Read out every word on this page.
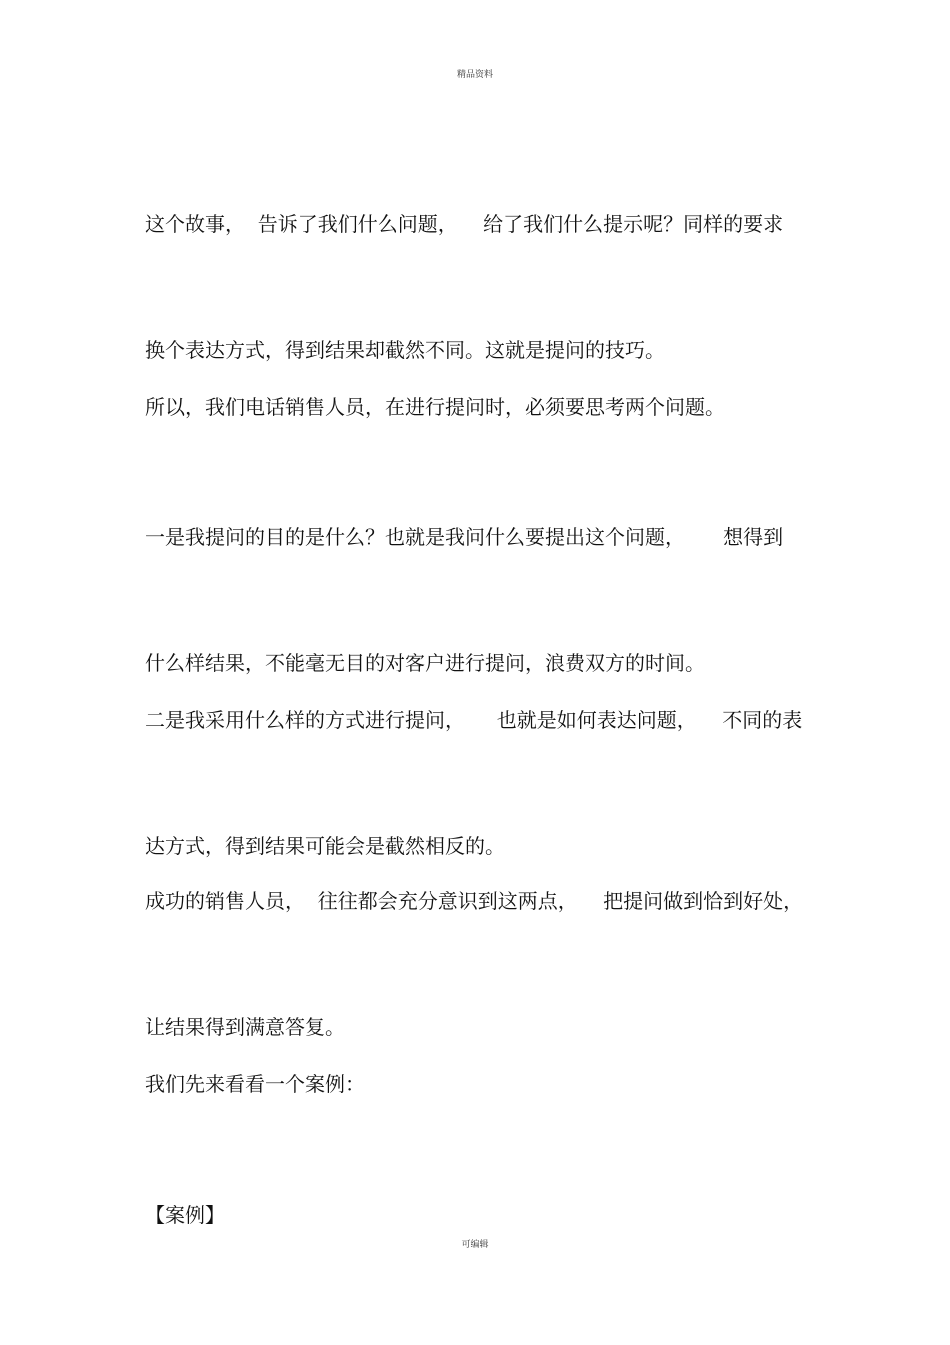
精品资料

这个故事，  告诉了我们什么问题，    给了我们什么提示呢？同样的要求

换个表达方式，得到结果却截然不同。这就是提问的技巧。

所以，我们电话销售人员，在进行提问时，必须要思考两个问题。

一是我提问的目的是什么？也就是我问什么要提出这个问题，      想得到

什么样结果，不能毫无目的对客户进行提问，浪费双方的时间。

二是我采用什么样的方式进行提问，     也就是如何表达问题，    不同的表

达方式，得到结果可能会是截然相反的。

成功的销售人员，  往往都会充分意识到这两点，    把提问做到恰到好处，

让结果得到满意答复。

我们先来看看一个案例：

【案例】

可编辑
